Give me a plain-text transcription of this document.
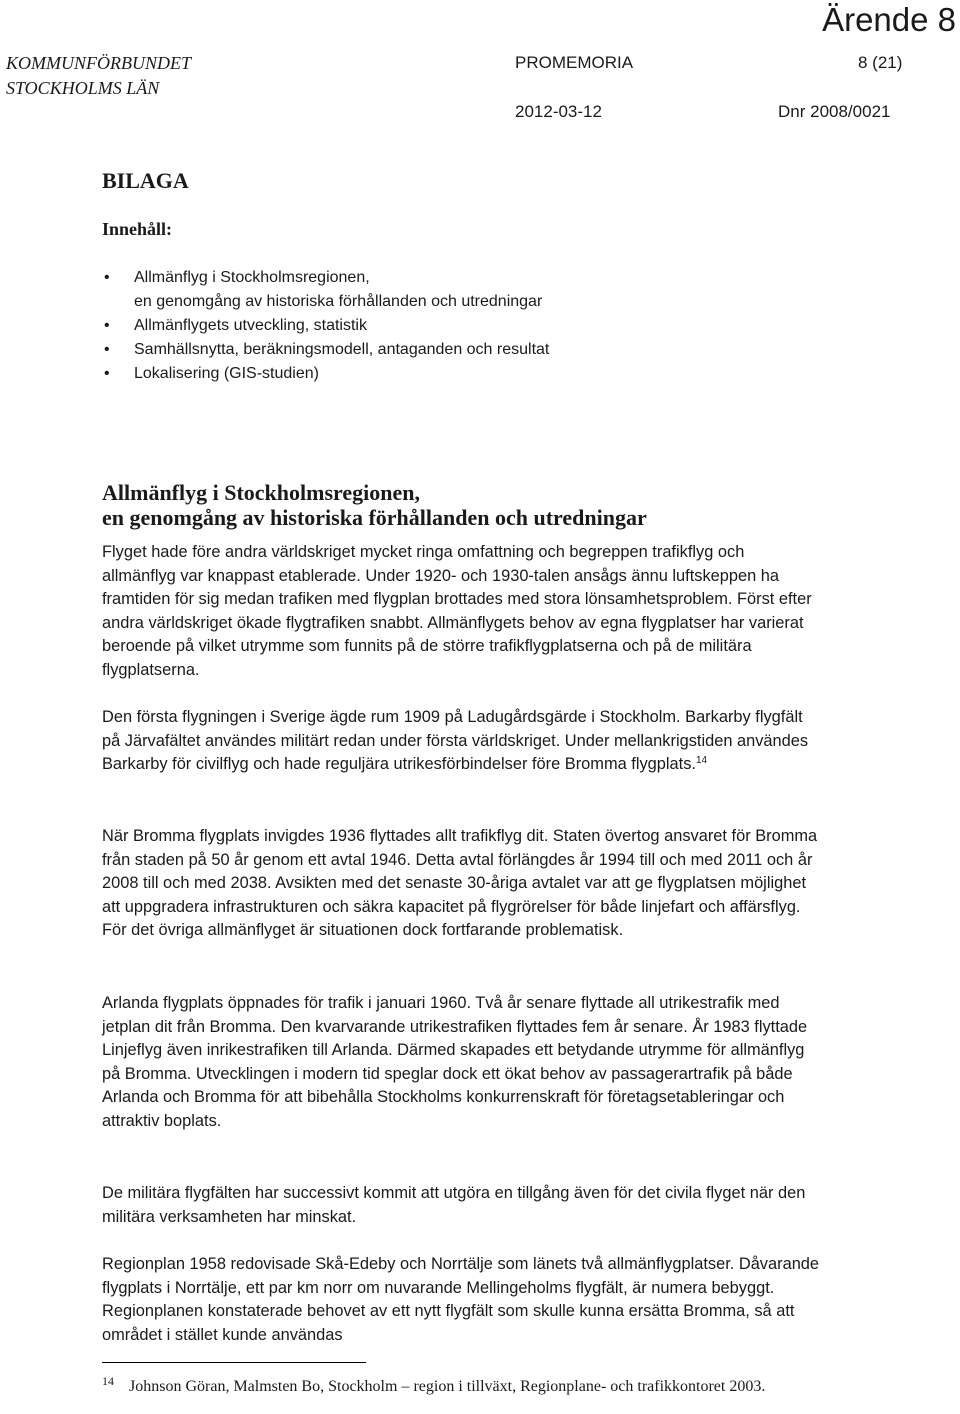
Ärende 8
KOMMUNFÖRBUNDET
STOCKHOLMS LÄN
PROMEMORIA	8 (21)
2012-03-12	Dnr 2008/0021
BILAGA
Innehåll:
• Allmänflyg i Stockholmsregionen,
en genomgång av historiska förhållanden och utredningar
• Allmänflygets utveckling, statistik
• Samhällsnytta, beräkningsmodell, antaganden och resultat
• Lokalisering (GIS-studien)
Allmänflyg i Stockholmsregionen,
en genomgång av historiska förhållanden och utredningar

Flyget hade före andra världskriget mycket ringa omfattning och begreppen trafikflyg och allmänflyg var knappast etablerade. Under 1920- och 1930-talen ansågs ännu luftskeppen ha framtiden för sig medan trafiken med flygplan brottades med stora lönsamhetsproblem. Först efter andra världskriget ökade flygtrafiken snabbt. Allmänflygets behov av egna flygplatser har varierat beroende på vilket utrymme som funnits på de större trafikflygplatserna och på de militära flygplatserna.

Den första flygningen i Sverige ägde rum 1909 på Ladugårdsgärde i Stockholm. Barkarby flygfält på Järvafältet användes militärt redan under första världskriget. Under mellankrigstiden användes Barkarby för civilflyg och hade reguljära utrikesförbindelser före Bromma flygplats.$^{14}$

När Bromma flygplats invigdes 1936 flyttades allt trafikflyg dit. Staten övertog ansvaret för Bromma från staden på 50 år genom ett avtal 1946. Detta avtal förlängdes år 1994 till och med 2011 och år 2008 till och med 2038. Avsikten med det senaste 30-åriga avtalet var att ge flygplatsen möjlighet att uppgradera infrastrukturen och säkra kapacitet på flygrörelser för både linjefart och affärsflyg. För det övriga allmänflyget är situationen dock fortfarande problematisk.

Arlanda flygplats öppnades för trafik i januari 1960. Två år senare flyttade all utrikestrafik med jetplan dit från Bromma. Den kvarvarande utrikestrafiken flyttades fem år senare. År 1983 flyttade Linjeflyg även inrikestrafiken till Arlanda. Därmed skapades ett betydande utrymme för allmänflyg på Bromma. Utvecklingen i modern tid speglar dock ett ökat behov av passagerartrafik på både Arlanda och Bromma för att bibehålla Stockholms konkurrenskraft för företagsetableringar och attraktiv boplats.

De militära flygfälten har successivt kommit att utgöra en tillgång även för det civila flyget när den militära verksamheten har minskat.

Regionplan 1958 redovisade Skå-Edeby och Norrtälje som länets två allmänflygplatser. Dåvarande flygplats i Norrtälje, ett par km norr om nuvarande Mellingeholms flygfält, är numera bebyggt. Regionplanen konstaterade behovet av ett nytt flygfält som skulle kunna ersätta Bromma, så att området i stället kunde användas

14 Johnson Göran, Malmsten Bo, Stockholm – region i tillväxt, Regionplane- och trafikkontoret 2003.
